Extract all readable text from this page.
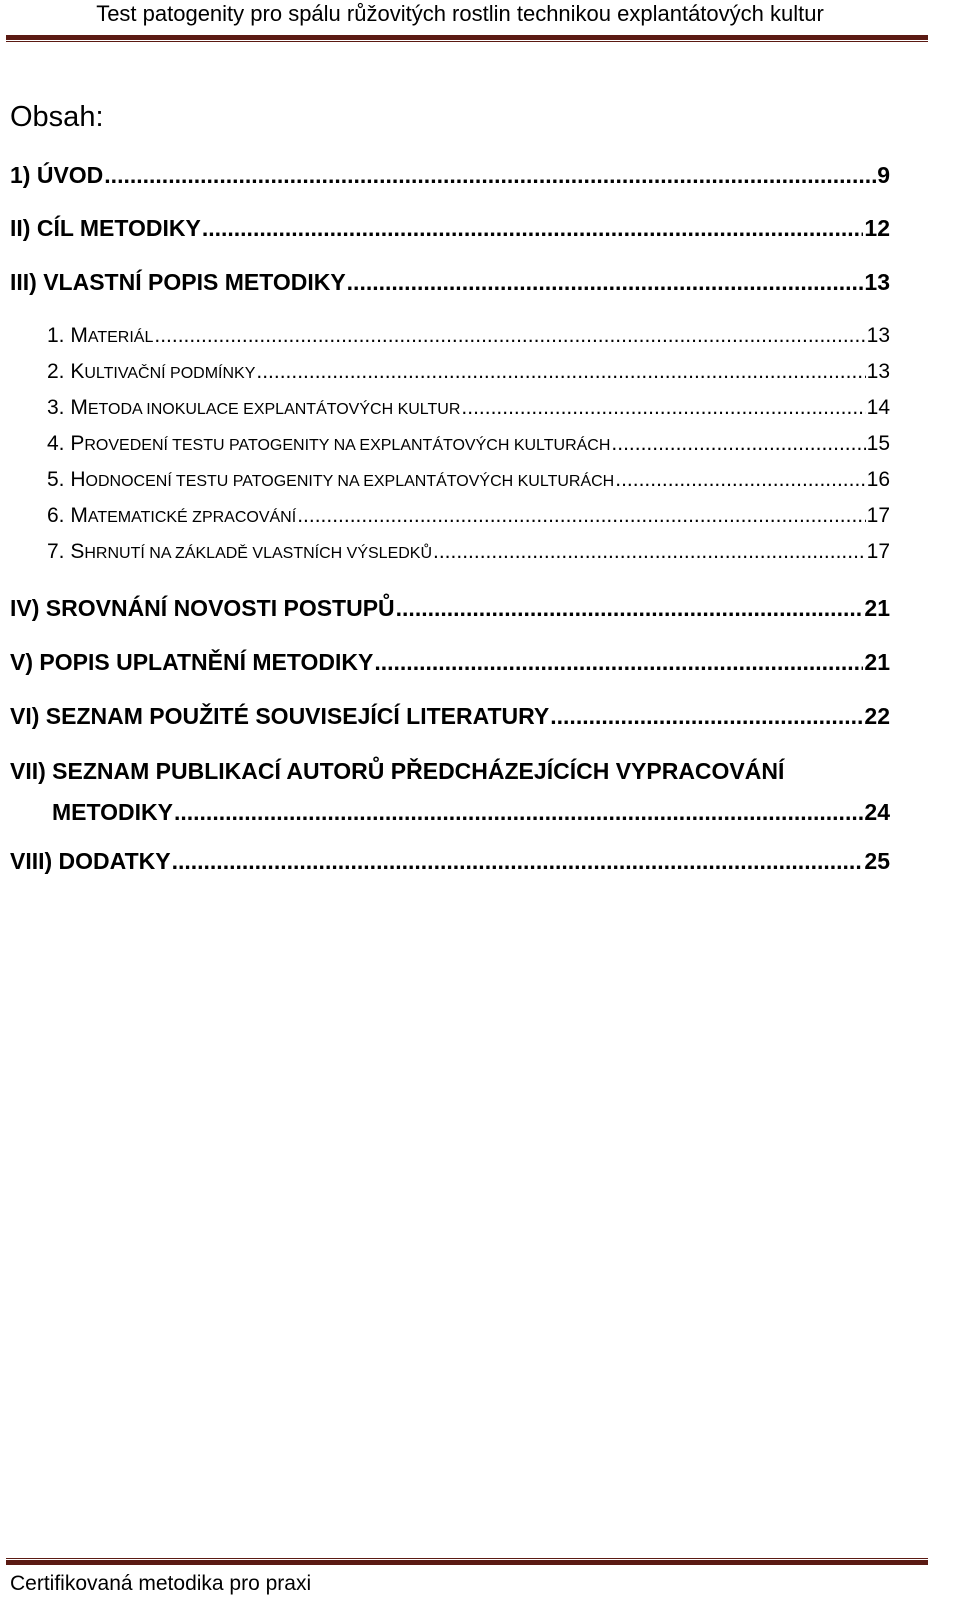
Test patogenity pro spálu růžovitých rostlin technikou explantátových kultur
Obsah:
1) ÚVOD .....	9
II) CÍL METODIKY .....	12
III) VLASTNÍ POPIS METODIKY .....	13
1. MATERIÁL .....	13
2. KULTIVAČNÍ PODMÍNKY .....	13
3. METODA INOKULACE EXPLANTÁTOVÝCH KULTUR .....	14
4. PROVEDENÍ TESTU PATOGENITY NA EXPLANTÁTOVÝCH KULTURÁCH .....	15
5. HODNOCENÍ TESTU PATOGENITY NA EXPLANTÁTOVÝCH KULTURÁCH .....	16
6. MATEMATICKÉ ZPRACOVÁNÍ .....	17
7. SHRNUTÍ NA ZÁKLADĚ VLASTNÍCH VÝSLEDKŮ .....	17
IV) SROVNÁNÍ NOVOSTI POSTUPŮ .....	21
V) POPIS UPLATNĚNÍ METODIKY .....	21
VI) SEZNAM POUŽITÉ SOUVISEJÍCÍ LITERATURY .....	22
VII) SEZNAM PUBLIKACÍ AUTORŮ PŘEDCHÁZEJÍCÍCH VYPRACOVÁNÍ
METODIKY .....	24
VIII) DODATKY .....	25
Certifikovaná metodika pro praxi
